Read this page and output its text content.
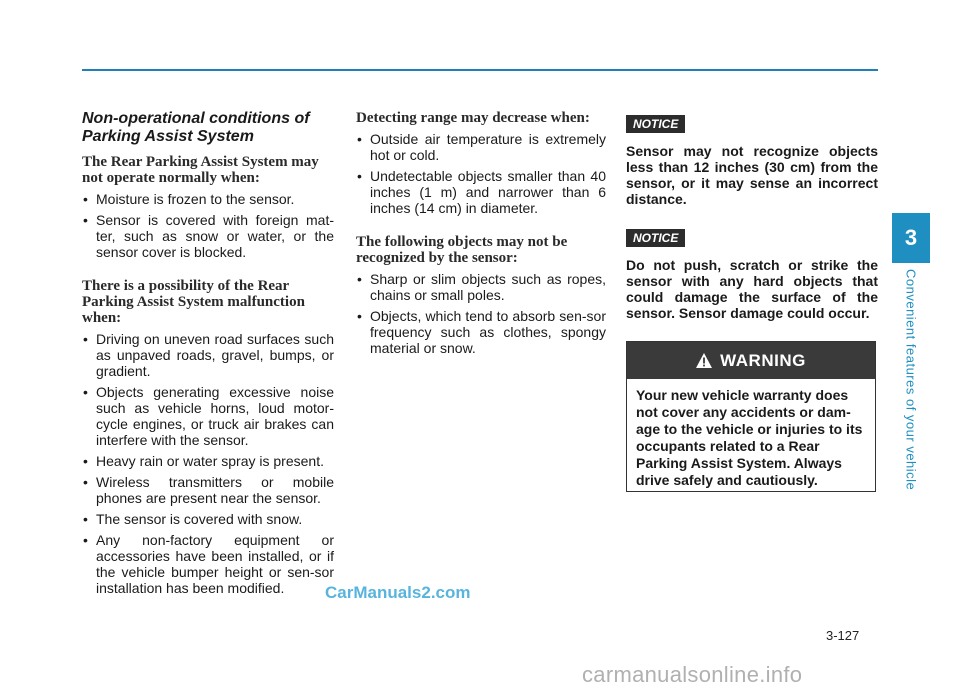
Non-operational conditions of Parking Assist System
The Rear Parking Assist System may not operate normally when:
• Moisture is frozen to the sensor.
• Sensor is covered with foreign mat-ter, such as snow or water, or the sensor cover is blocked.
There is a possibility of the Rear Parking Assist System malfunction when:
• Driving on uneven road surfaces such as unpaved roads, gravel, bumps, or gradient.
• Objects generating excessive noise such as vehicle horns, loud motor-cycle engines, or truck air brakes can interfere with the sensor.
• Heavy rain or water spray is present.
• Wireless transmitters or mobile phones are present near the sensor.
• The sensor is covered with snow.
• Any non-factory equipment or accessories have been installed, or if the vehicle bumper height or sen-sor installation has been modified.
Detecting range may decrease when:
• Outside air temperature is extremely hot or cold.
• Undetectable objects smaller than 40 inches (1 m) and narrower than 6 inches (14 cm) in diameter.
The following objects may not be recognized by the sensor:
• Sharp or slim objects such as ropes, chains or small poles.
• Objects, which tend to absorb sen-sor frequency such as clothes, spongy material or snow.
NOTICE
Sensor may not recognize objects less than 12 inches (30 cm) from the sensor, or it may sense an incorrect distance.
NOTICE
Do not push, scratch or strike the sensor with any hard objects that could damage the surface of the sensor. Sensor damage could occur.
WARNING
Your new vehicle warranty does not cover any accidents or dam-age to the vehicle or injuries to its occupants related to a Rear Parking Assist System. Always drive safely and cautiously.
3
Convenient features of your vehicle
3-127
CarManuals2.com
carmanualsonline.info
